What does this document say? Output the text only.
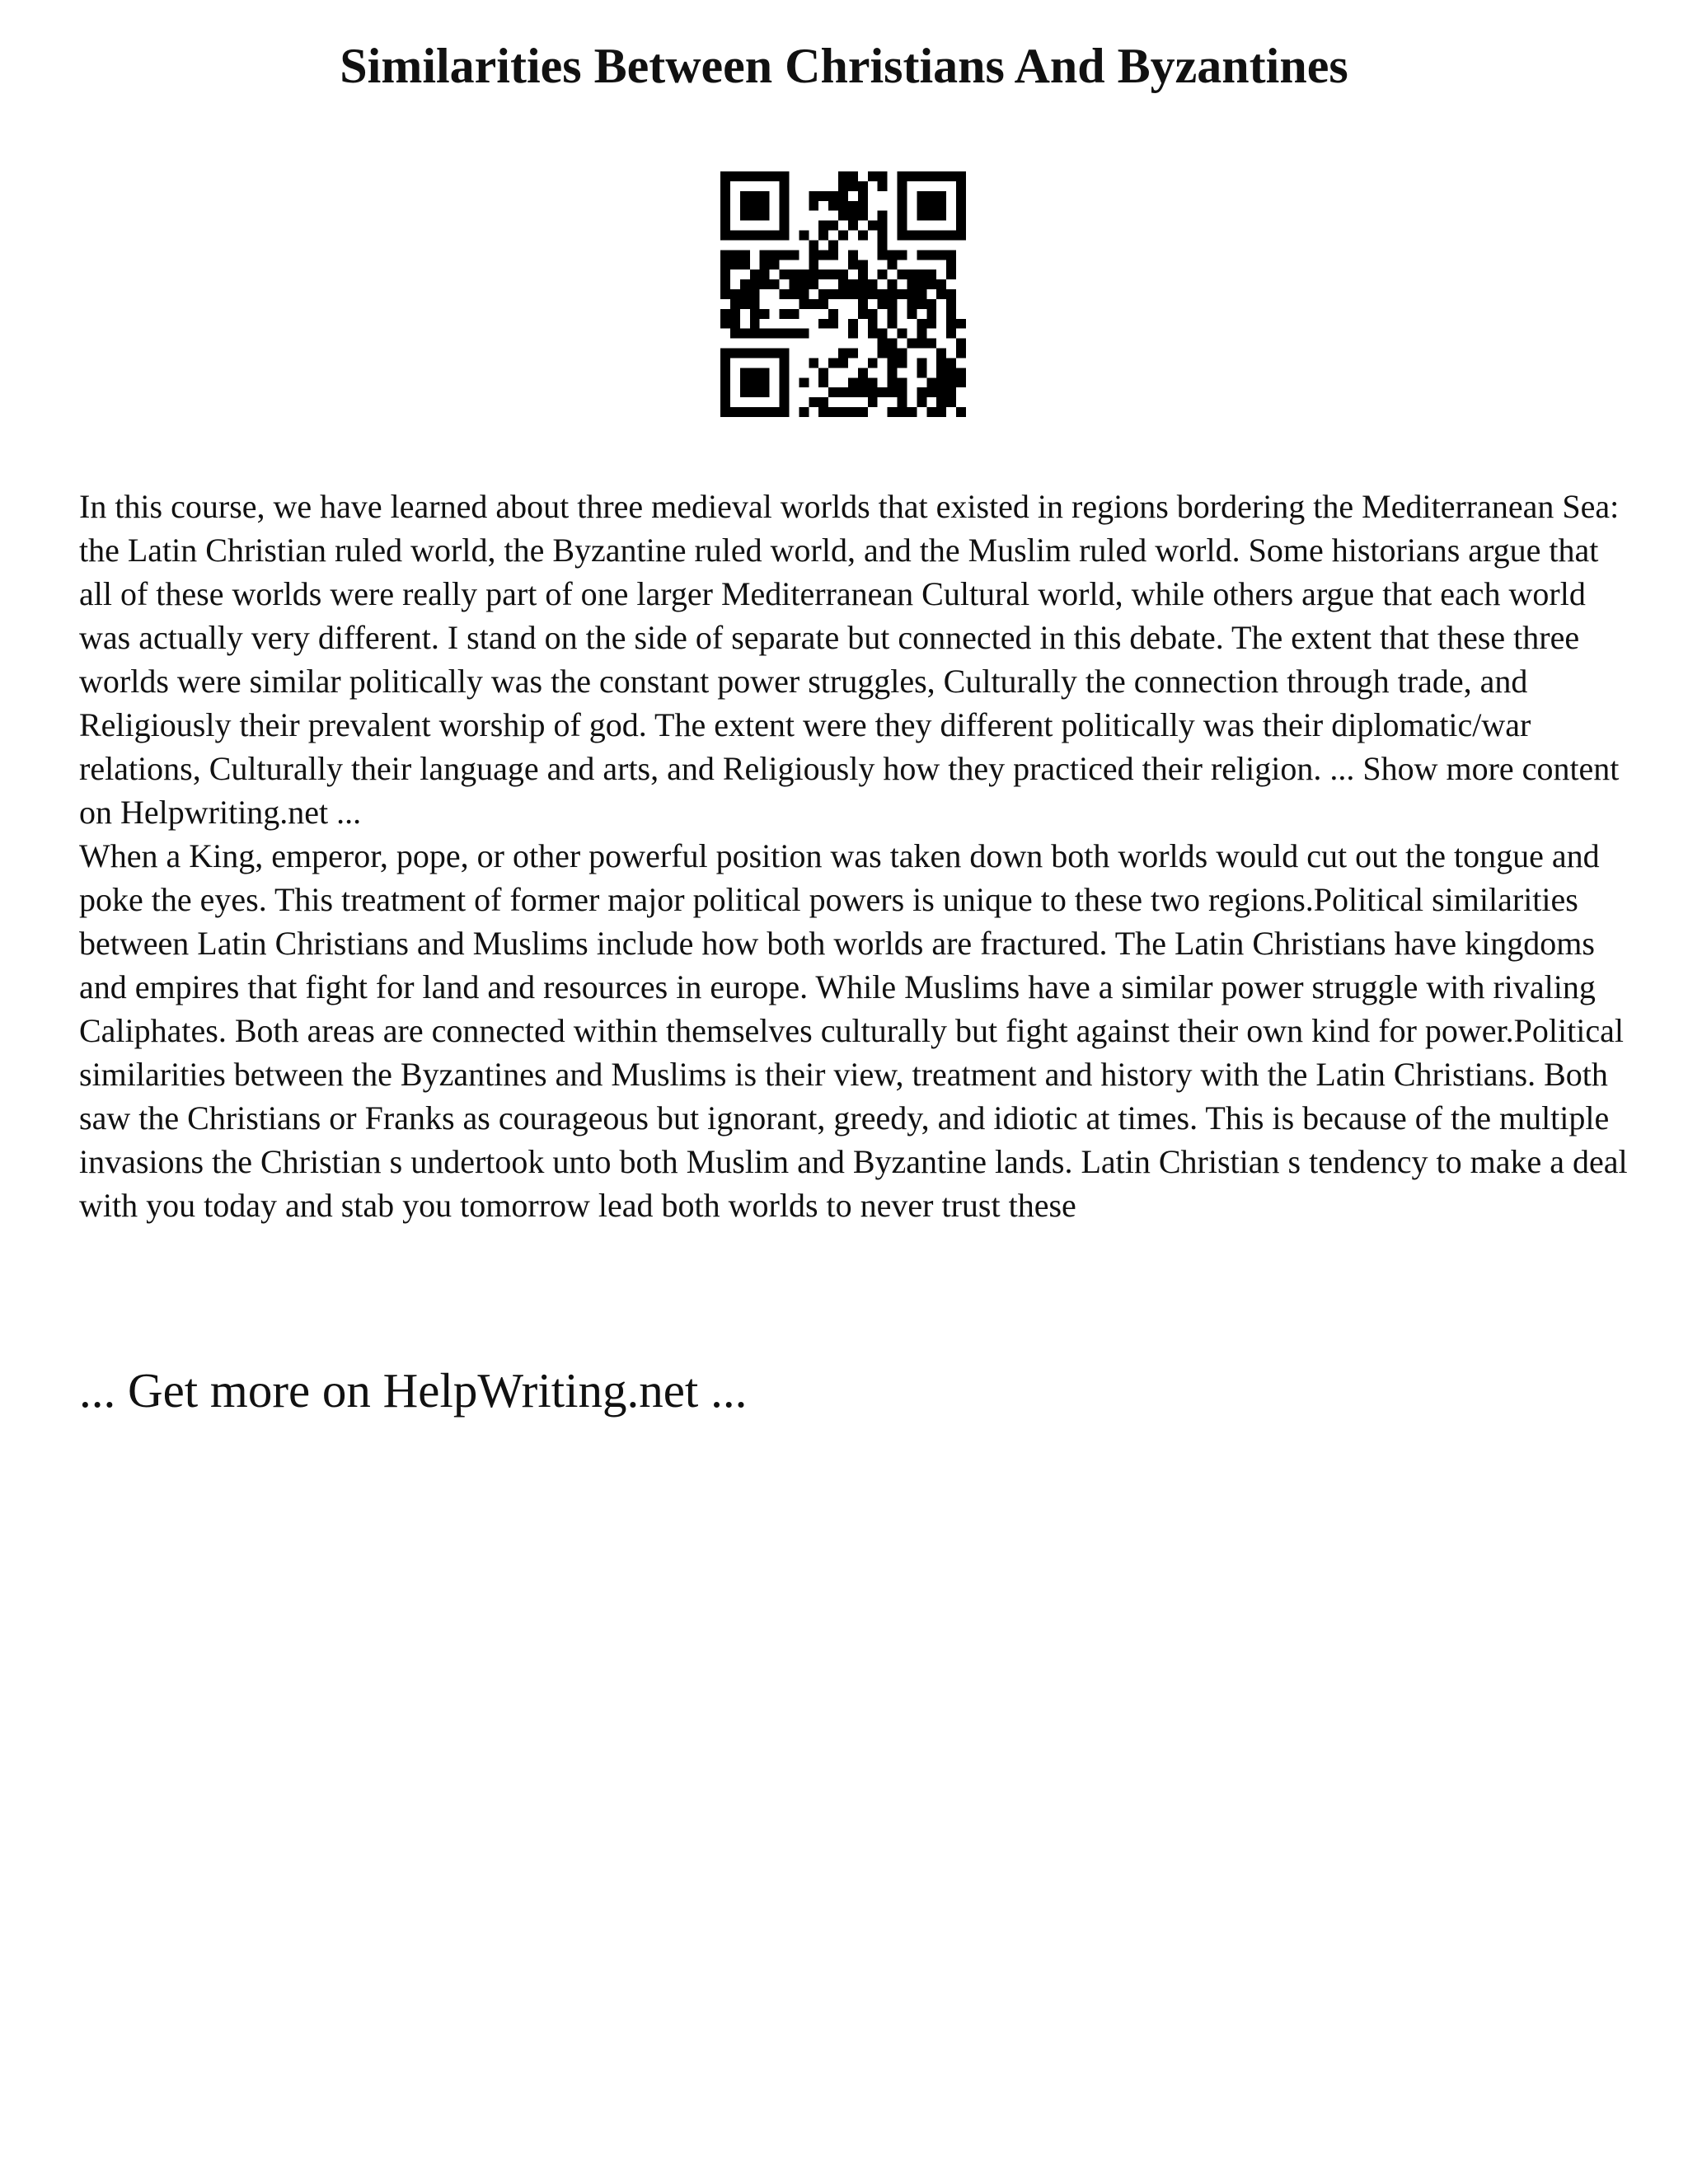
Similarities Between Christians And Byzantines

In this course, we have learned about three medieval worlds that existed in regions bordering the Mediterranean Sea: the Latin Christian ruled world, the Byzantine ruled world, and the Muslim ruled world. Some historians argue that all of these worlds were really part of one larger Mediterranean Cultural world, while others argue that each world was actually very different. I stand on the side of separate but connected in this debate. The extent that these three worlds were similar politically was the constant power struggles, Culturally the connection through trade, and Religiously their prevalent worship of god. The extent were they different politically was their diplomatic/war relations, Culturally their language and arts, and Religiously how they practiced their religion. ... Show more content on Helpwriting.net ...

When a King, emperor, pope, or other powerful position was taken down both worlds would cut out the tongue and poke the eyes. This treatment of former major political powers is unique to these two regions.Political similarities between Latin Christians and Muslims include how both worlds are fractured. The Latin Christians have kingdoms and empires that fight for land and resources in europe. While Muslims have a similar power struggle with rivaling Caliphates. Both areas are connected within themselves culturally but fight against their own kind for power.Political similarities between the Byzantines and Muslims is their view, treatment and history with the Latin Christians. Both saw the Christians or Franks as courageous but ignorant, greedy, and idiotic at times. This is because of the multiple invasions the Christian s undertook unto both Muslim and Byzantine lands. Latin Christian s tendency to make a deal with you today and stab you tomorrow lead both worlds to never trust these

... Get more on HelpWriting.net ...
